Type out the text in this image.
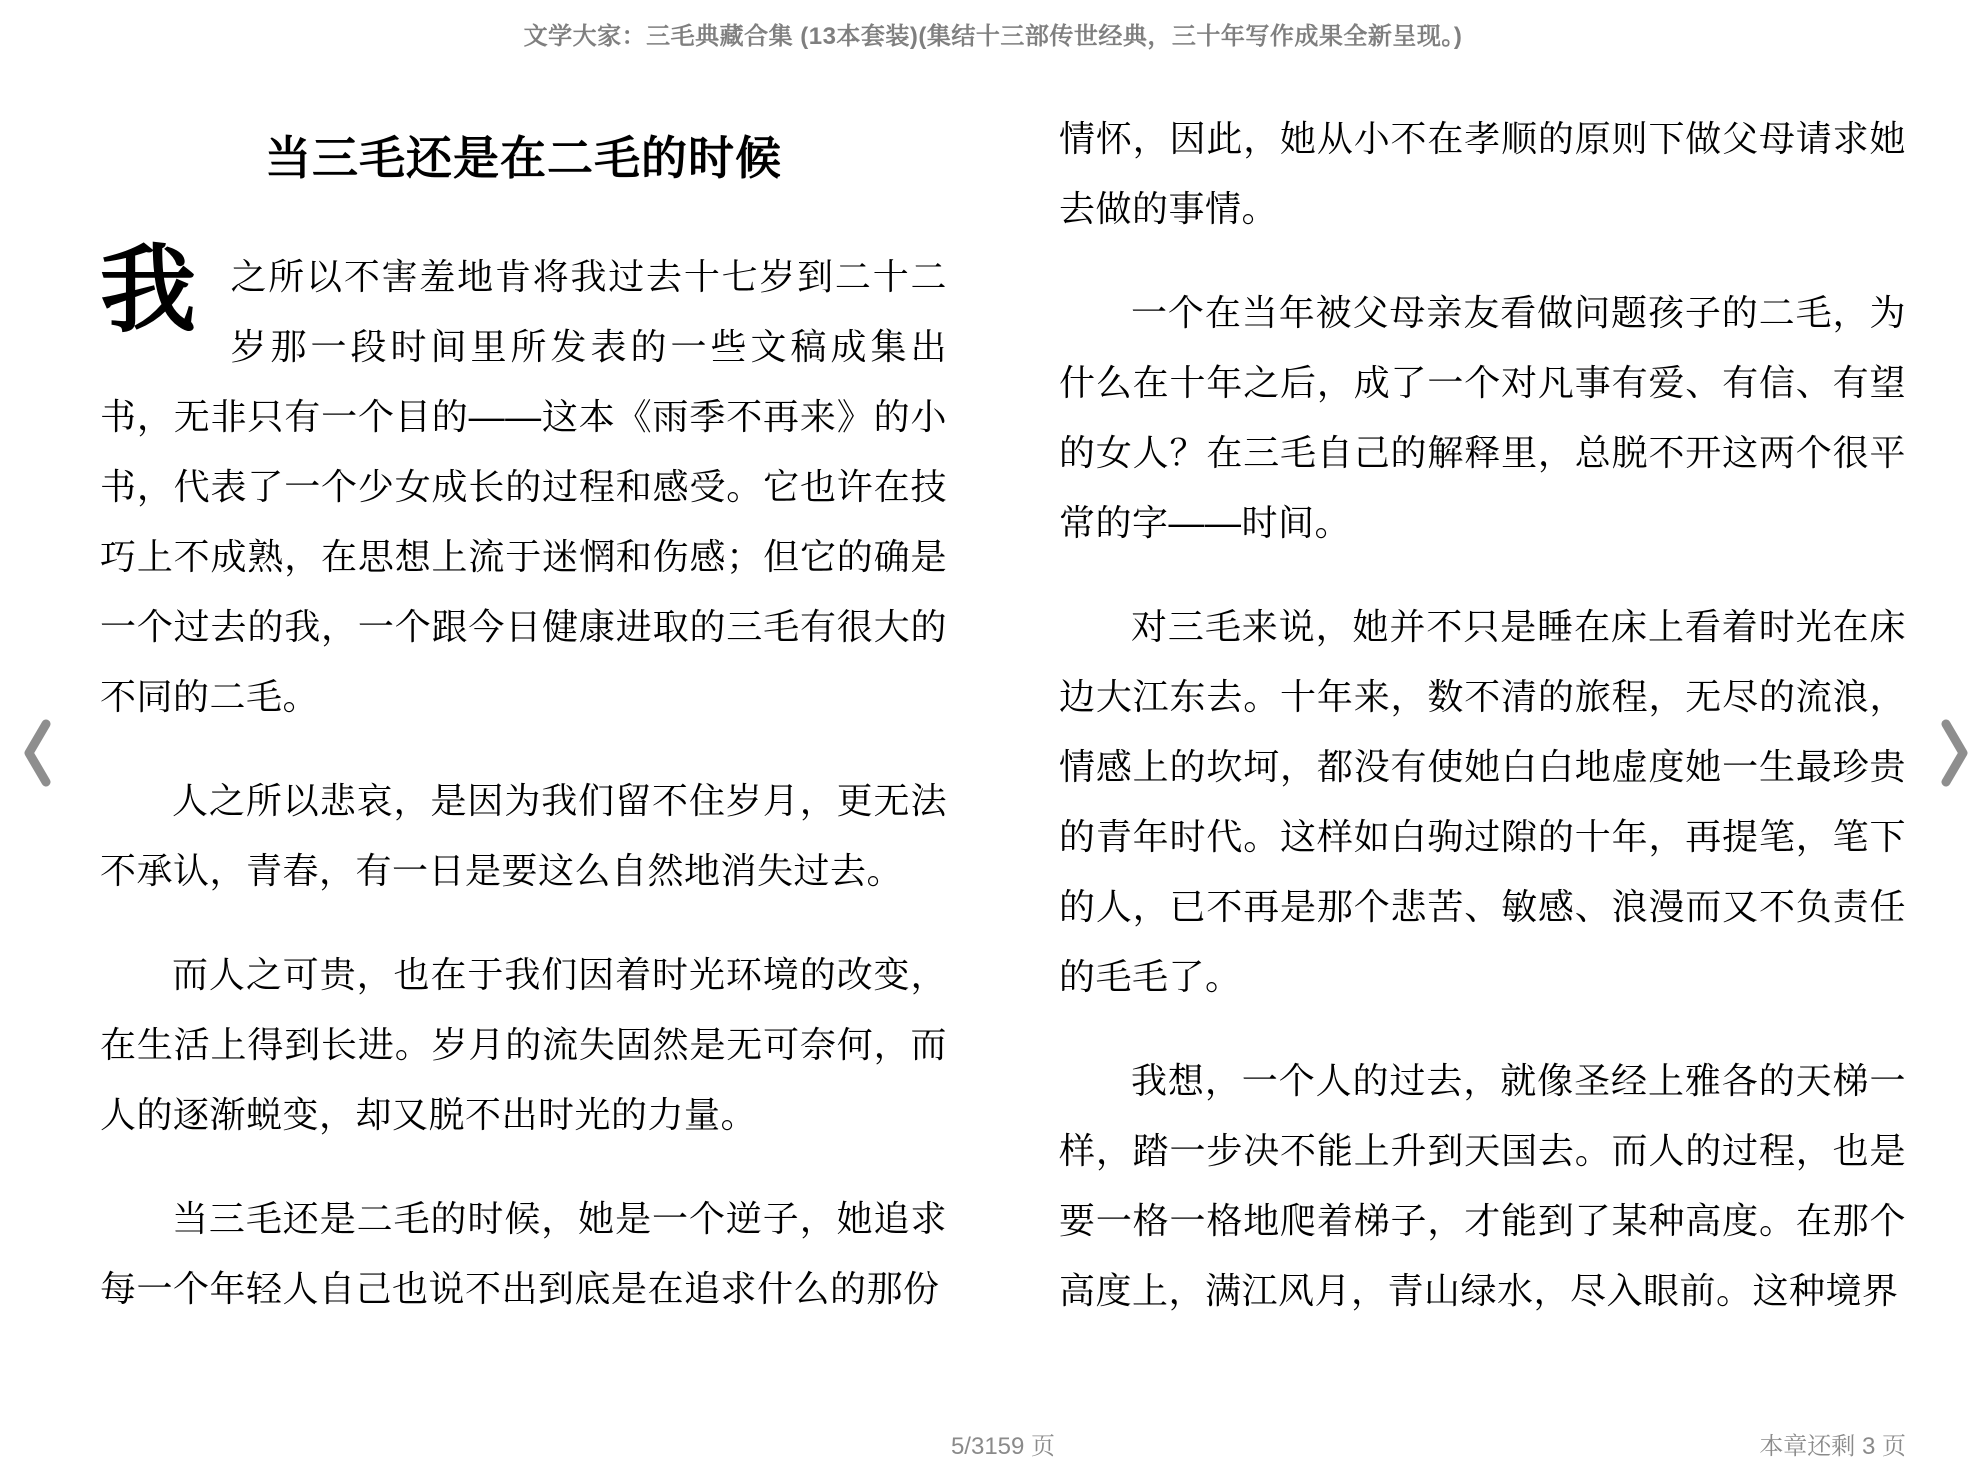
文学大家：三毛典藏合集 (13本套装)(集结十三部传世经典，三十年写作成果全新呈现。)
当三毛还是在二毛的时候

我之所以不害羞地肯将我过去十七岁到二十二岁那一段时间里所发表的一些文稿成集出书，无非只有一个目的——这本《雨季不再来》的小书，代表了一个少女成长的过程和感受。它也许在技巧上不成熟，在思想上流于迷惘和伤感；但它的确是一个过去的我，一个跟今日健康进取的三毛有很大的不同的二毛。

人之所以悲哀，是因为我们留不住岁月，更无法不承认，青春，有一日是要这么自然地消失过去。

而人之可贵，也在于我们因着时光环境的改变，在生活上得到长进。岁月的流失固然是无可奈何，而人的逐渐蜕变，却又脱不出时光的力量。

当三毛还是二毛的时候，她是一个逆子，她追求每一个年轻人自己也说不出到底是在追求什么的那份

情怀，因此，她从小不在孝顺的原则下做父母请求她去做的事情。

一个在当年被父母亲友看做问题孩子的二毛，为什么在十年之后，成了一个对凡事有爱、有信、有望的女人？在三毛自己的解释里，总脱不开这两个很平常的字——时间。

对三毛来说，她并不只是睡在床上看着时光在床边大江东去。十年来，数不清的旅程，无尽的流浪，情感上的坎坷，都没有使她白白地虚度她一生最珍贵的青年时代。这样如白驹过隙的十年，再提笔，笔下的人，已不再是那个悲苦、敏感、浪漫而又不负责任的毛毛了。

我想，一个人的过去，就像圣经上雅各的天梯一样，踏一步决不能上升到天国去。而人的过程，也是要一格一格地爬着梯子，才能到了某种高度。在那个高度上，满江风月，青山绿水，尽入眼前。这种境界

5/3159 页	本章还剩 3 页
